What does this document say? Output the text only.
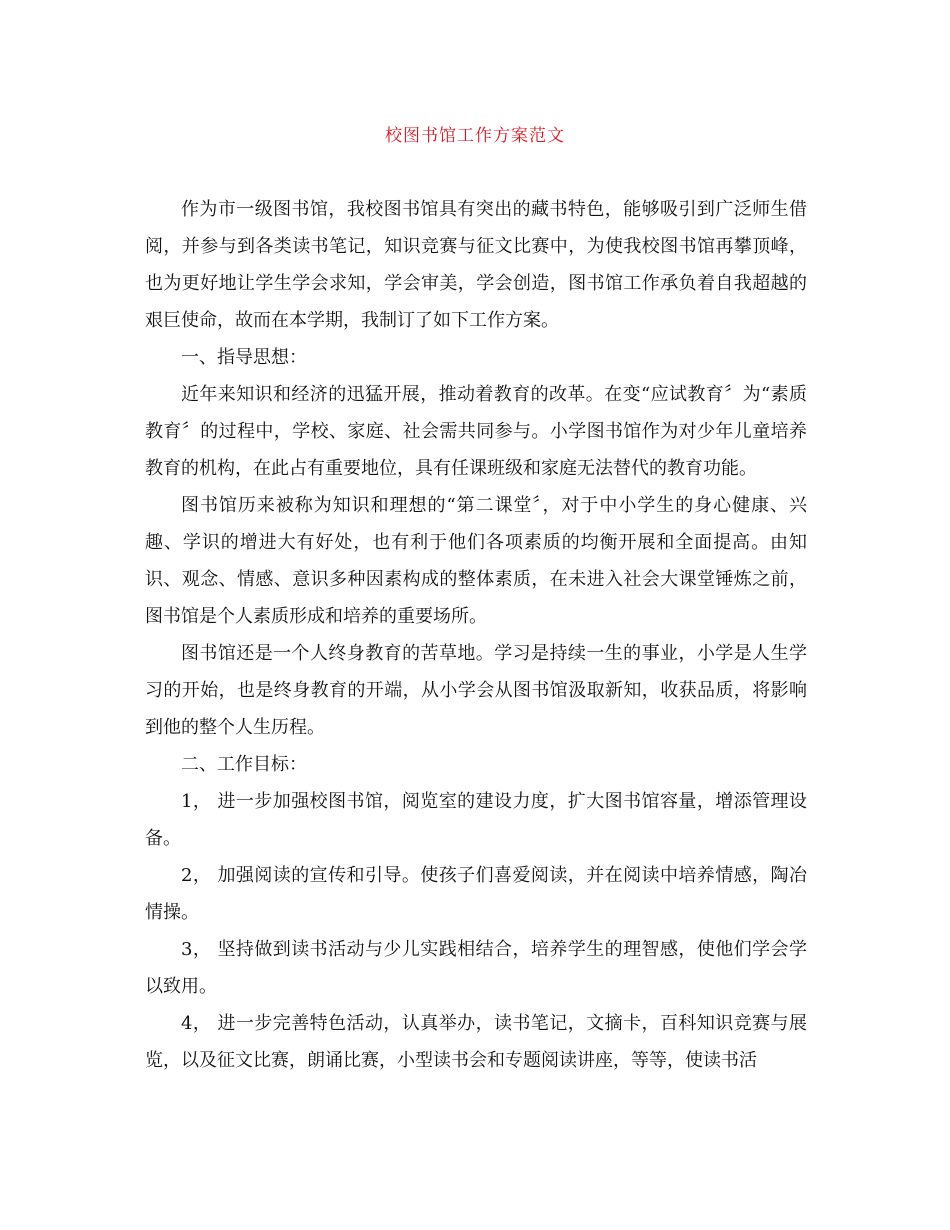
校图书馆工作方案范文

作为市一级图书馆，我校图书馆具有突出的藏书特色，能够吸引到广泛师生借阅，并参与到各类读书笔记，知识竞赛与征文比赛中，为使我校图书馆再攀顶峰，也为更好地让学生学会求知，学会审美，学会创造，图书馆工作承负着自我超越的艰巨使命，故而在本学期，我制订了如下工作方案。

一、指导思想：

近年来知识和经济的迅猛开展，推动着教育的改革。在变“应试教育〞为“素质教育〞的过程中，学校、家庭、社会需共同参与。小学图书馆作为对少年儿童培养教育的机构，在此占有重要地位，具有任课班级和家庭无法替代的教育功能。

图书馆历来被称为知识和理想的“第二课堂〞，对于中小学生的身心健康、兴趣、学识的增进大有好处，也有利于他们各项素质的均衡开展和全面提高。由知识、观念、情感、意识多种因素构成的整体素质，在未进入社会大课堂锤炼之前，图书馆是个人素质形成和培养的重要场所。

图书馆还是一个人终身教育的苦草地。学习是持续一生的事业，小学是人生学习的开始，也是终身教育的开端，从小学会从图书馆汲取新知，收获品质，将影响到他的整个人生历程。

二、工作目标：

1， 进一步加强校图书馆，阅览室的建设力度，扩大图书馆容量，增添管理设备。

2， 加强阅读的宣传和引导。使孩子们喜爱阅读，并在阅读中培养情感，陶冶情操。

3， 坚持做到读书活动与少儿实践相结合，培养学生的理智感，使他们学会学以致用。

4， 进一步完善特色活动，认真举办，读书笔记，文摘卡，百科知识竞赛与展览，以及征文比赛，朗诵比赛，小型读书会和专题阅读讲座，等等，使读书活
